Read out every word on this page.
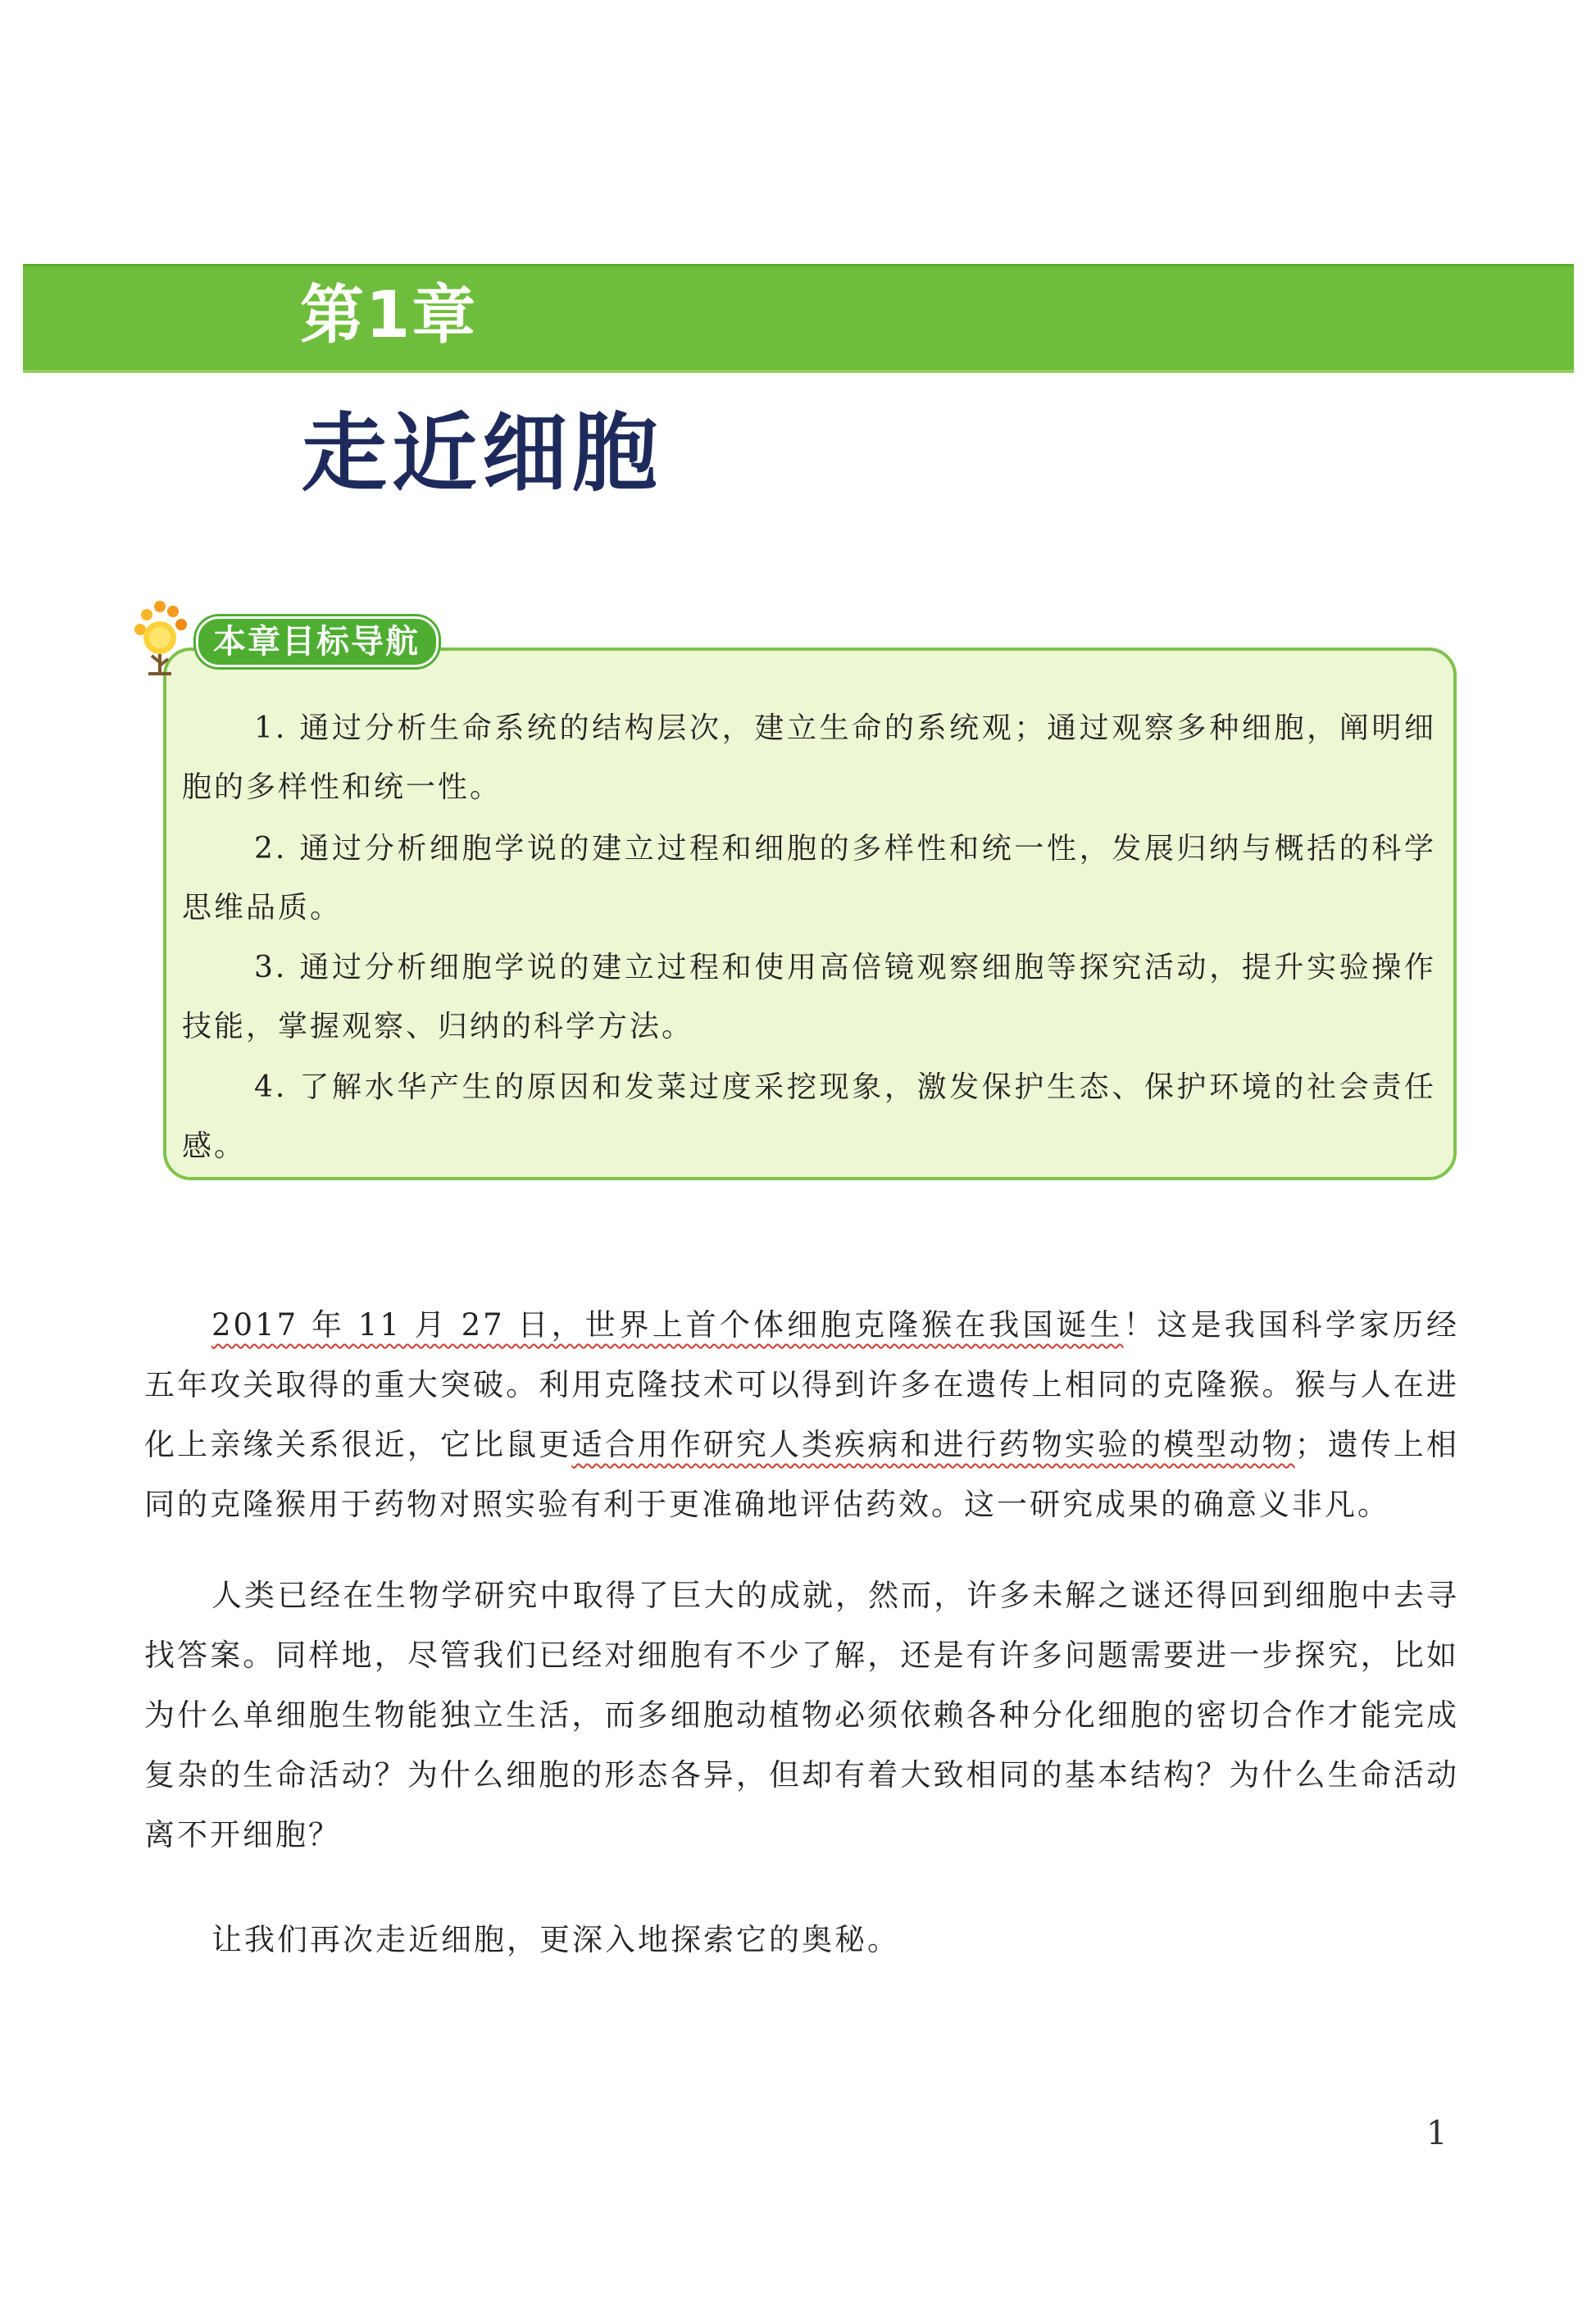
第1章
走近细胞
本章目标导航

1. 通过分析生命系统的结构层次，建立生命的系统观；通过观察多种细胞，阐明细胞的多样性和统一性。

2. 通过分析细胞学说的建立过程和细胞的多样性和统一性，发展归纳与概括的科学思维品质。

3. 通过分析细胞学说的建立过程和使用高倍镜观察细胞等探究活动，提升实验操作技能，掌握观察、归纳的科学方法。

4. 了解水华产生的原因和发菜过度采挖现象，激发保护生态、保护环境的社会责任感。

2017 年 11 月 27 日，世界上首个体细胞克隆猴在我国诞生！这是我国科学家历经五年攻关取得的重大突破。利用克隆技术可以得到许多在遗传上相同的克隆猴。猴与人在进化上亲缘关系很近，它比鼠更适合用作研究人类疾病和进行药物实验的模型动物；遗传上相同的克隆猴用于药物对照实验有利于更准确地评估药效。这一研究成果的确意义非凡。

人类已经在生物学研究中取得了巨大的成就，然而，许多未解之谜还得回到细胞中去寻找答案。同样地，尽管我们已经对细胞有不少了解，还是有许多问题需要进一步探究，比如为什么单细胞生物能独立生活，而多细胞动植物必须依赖各种分化细胞的密切合作才能完成复杂的生命活动？为什么细胞的形态各异，但却有着大致相同的基本结构？为什么生命活动离不开细胞？

让我们再次走近细胞，更深入地探索它的奥秘。

1
